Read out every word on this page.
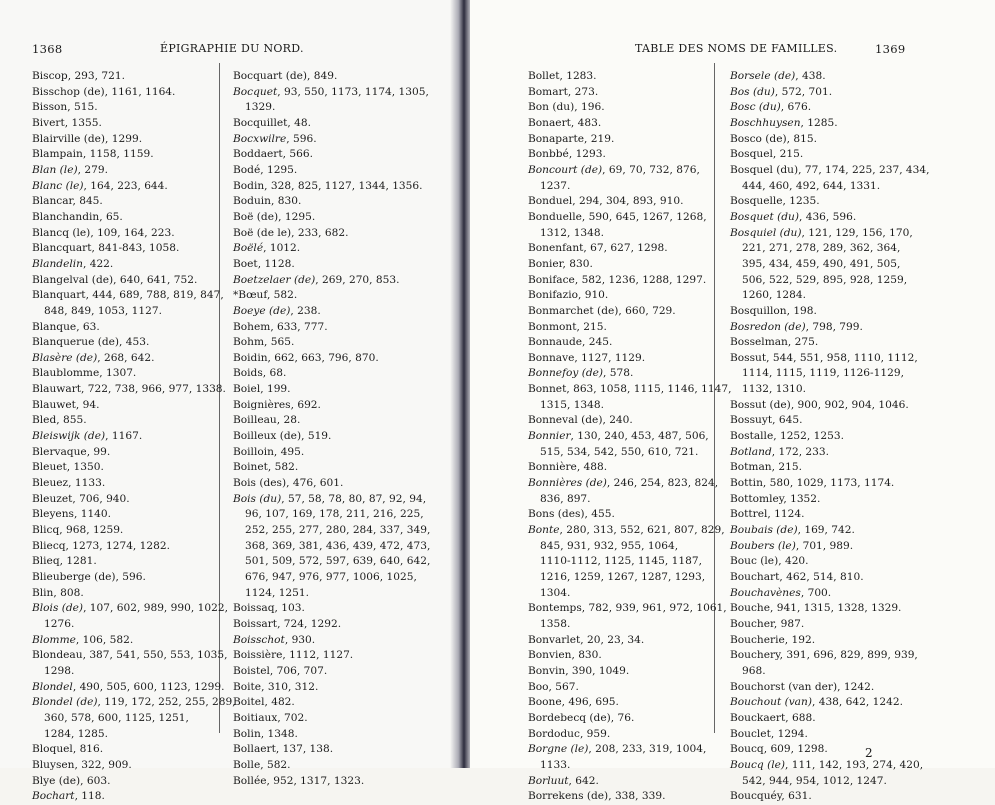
1368	ÉPIGRAPHIE DU NORD.
Biscop, 293, 721.
Bisschop (de), 1161, 1164.
Bisson, 515.
Bivert, 1355.
Blairville (de), 1299.
Blampain, 1158, 1159.
Blan (le), 279.
Blanc (le), 164, 223, 644.
Blancar, 845.
Blanchandin, 65.
Blancq (le), 109, 164, 223.
Blancquart, 841-843, 1058.
Blandelin, 422.
Blangelval (de), 640, 641, 752.
Blanquart, 444, 689, 788, 819, 847,
848, 849, 1053, 1127.
Blanque, 63.
Blanquerue (de), 453.
Blasère (de), 268, 642.
Blaublomme, 1307.
Blauwart, 722, 738, 966, 977, 1338.
Blauwet, 94.
Bled, 855.
Bleiswijk (de), 1167.
Blervaque, 99.
Bleuet, 1350.
Bleuez, 1133.
Bleuzet, 706, 940.
Bleyens, 1140.
Blicq, 968, 1259.
Bliecq, 1273, 1274, 1282.
Blieq, 1281.
Blieuberge (de), 596.
Blin, 808.
Blois (de), 107, 602, 989, 990, 1022,
1276.
Blomme, 106, 582.
Blondeau, 387, 541, 550, 553, 1035,
1298.
Blondel, 490, 505, 600, 1123, 1299.
Blondel (de), 119, 172, 252, 255, 289,
360, 578, 600, 1125, 1251, 1284, 1285.
Bloquel, 816.
Bluysen, 322, 909.
Blye (de), 603.
Bochart, 118.
Bocquart (de), 849.
Bocquet, 93, 550, 1173, 1174, 1305,
1329.
Bocquillet, 48.
Bocxwilre, 596.
Boddaert, 566.
Bodé, 1295.
Bodin, 328, 825, 1127, 1344, 1356.
Boduin, 830.
Boë (de), 1295.
Boë (de le), 233, 682.
Boëlé, 1012.
Boet, 1128.
Boetzelaer (de), 269, 270, 853.
*Bœuf, 582.
Boeye (de), 238.
Bohem, 633, 777.
Bohm, 565.
Boidin, 662, 663, 796, 870.
Boids, 68.
Boiel, 199.
Boignières, 692.
Boilleau, 28.
Boilleux (de), 519.
Boilloin, 495.
Boinet, 582.
Bois (des), 476, 601.
Bois (du), 57, 58, 78, 80, 87, 92, 94,
96, 107, 169, 178, 211, 216, 225, 252, 255, 277, 280, 284, 337, 349, 368, 369, 381, 436, 439, 472, 473, 501, 509, 572, 597, 639, 640, 642, 676, 947, 976, 977, 1006, 1025, 1124, 1251.
Boissaq, 103.
Boissart, 724, 1292.
Boisschot, 930.
Boissière, 1112, 1127.
Boistel, 706, 707.
Boite, 310, 312.
Boitel, 482.
Boitiaux, 702.
Bolin, 1348.
Bollaert, 137, 138.
Bolle, 582.
Bollée, 952, 1317, 1323.
TABLE DES NOMS DE FAMILLES.	1369
Bollet, 1283.
Bomart, 273.
Bon (du), 196.
Bonaert, 483.
Bonaparte, 219.
Bonbbé, 1293.
Boncourt (de), 69, 70, 732, 876,
1237.
Bonduel, 294, 304, 893, 910.
Bonduelle, 590, 645, 1267, 1268,
1312, 1348.
Bonenfant, 67, 627, 1298.
Bonier, 830.
Boniface, 582, 1236, 1288, 1297.
Bonifazio, 910.
Bonmarchet (de), 660, 729.
Bonmont, 215.
Bonnaude, 245.
Bonnave, 1127, 1129.
Bonnefoy (de), 578.
Bonnet, 863, 1058, 1115, 1146, 1147,
1315, 1348.
Bonneval (de), 240.
Bonnier, 130, 240, 453, 487, 506,
515, 534, 542, 550, 610, 721.
Bonnière, 488.
Bonnières (de), 246, 254, 823, 824,
836, 897.
Bons (des), 455.
Bonte, 280, 313, 552, 621, 807, 829,
845, 931, 932, 955, 1064, 1110-1112, 1125, 1145, 1187, 1216, 1259, 1267, 1287, 1293, 1304.
Bontemps, 782, 939, 961, 972, 1061,
1358.
Bonvarlet, 20, 23, 34.
Bonvien, 830.
Bonvin, 390, 1049.
Boo, 567.
Boone, 496, 695.
Bordebecq (de), 76.
Bordoduc, 959.
Borgne (le), 208, 233, 319, 1004,
1133.
Borluut, 642.
Borrekens (de), 338, 339.
Borsele (de), 438.
Bos (du), 572, 701.
Bosc (du), 676.
Boschhuysen, 1285.
Bosco (de), 815.
Bosquel, 215.
Bosquel (du), 77, 174, 225, 237, 434,
444, 460, 492, 644, 1331.
Bosquelle, 1235.
Bosquet (du), 436, 596.
Bosquiel (du), 121, 129, 156, 170,
221, 271, 278, 289, 362, 364, 395, 434, 459, 490, 491, 505, 506, 522, 529, 895, 928, 1259, 1260, 1284.
Bosquillon, 198.
Bosredon (de), 798, 799.
Bosselman, 275.
Bossut, 544, 551, 958, 1110, 1112,
1114, 1115, 1119, 1126-1129, 1132, 1310.
Bossut (de), 900, 902, 904, 1046.
Bossuyt, 645.
Bostalle, 1252, 1253.
Botland, 172, 233.
Botman, 215.
Bottin, 580, 1029, 1173, 1174.
Bottomley, 1352.
Bottrel, 1124.
Boubais (de), 169, 742.
Boubers (le), 701, 989.
Bouc (le), 420.
Bouchart, 462, 514, 810.
Bouchavènes, 700.
Bouche, 941, 1315, 1328, 1329.
Boucher, 987.
Boucherie, 192.
Bouchery, 391, 696, 829, 899, 939,
968.
Bouchorst (van der), 1242.
Bouchout (van), 438, 642, 1242.
Bouckaert, 688.
Bouclet, 1294.
Boucq, 609, 1298.
Boucq (le), 111, 142, 193, 274, 420,
542, 944, 954, 1012, 1247.
Boucquéy, 631.
2
